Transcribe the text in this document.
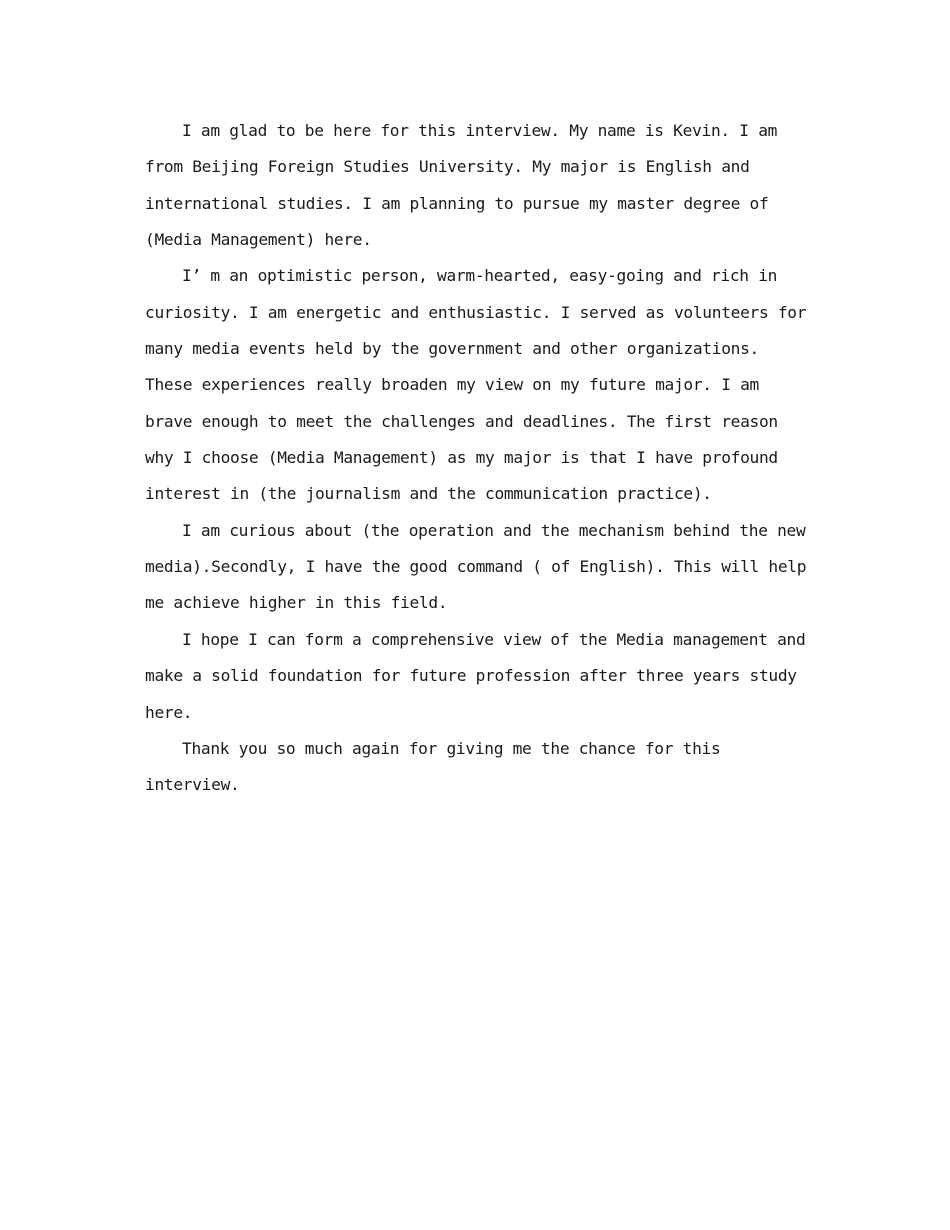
I am glad to be here for this interview. My name is Kevin. I am from Beijing Foreign Studies University. My major is English and international studies. I am planning to pursue my master degree of (Media Management) here.

I’ m an optimistic person, warm-hearted, easy-going and rich in curiosity. I am energetic and enthusiastic. I served as volunteers for many media events held by the government and other organizations. These experiences really broaden my view on my future major. I am brave enough to meet the challenges and deadlines. The first reason why I choose (Media Management) as my major is that I have profound interest in (the journalism and the communication practice).

I am curious about (the operation and the mechanism behind the new media).Secondly, I have the good command ( of English). This will help me achieve higher in this field.

I hope I can form a comprehensive view of the Media management and make a solid foundation for future profession after three years study here.

Thank you so much again for giving me the chance for this interview.
